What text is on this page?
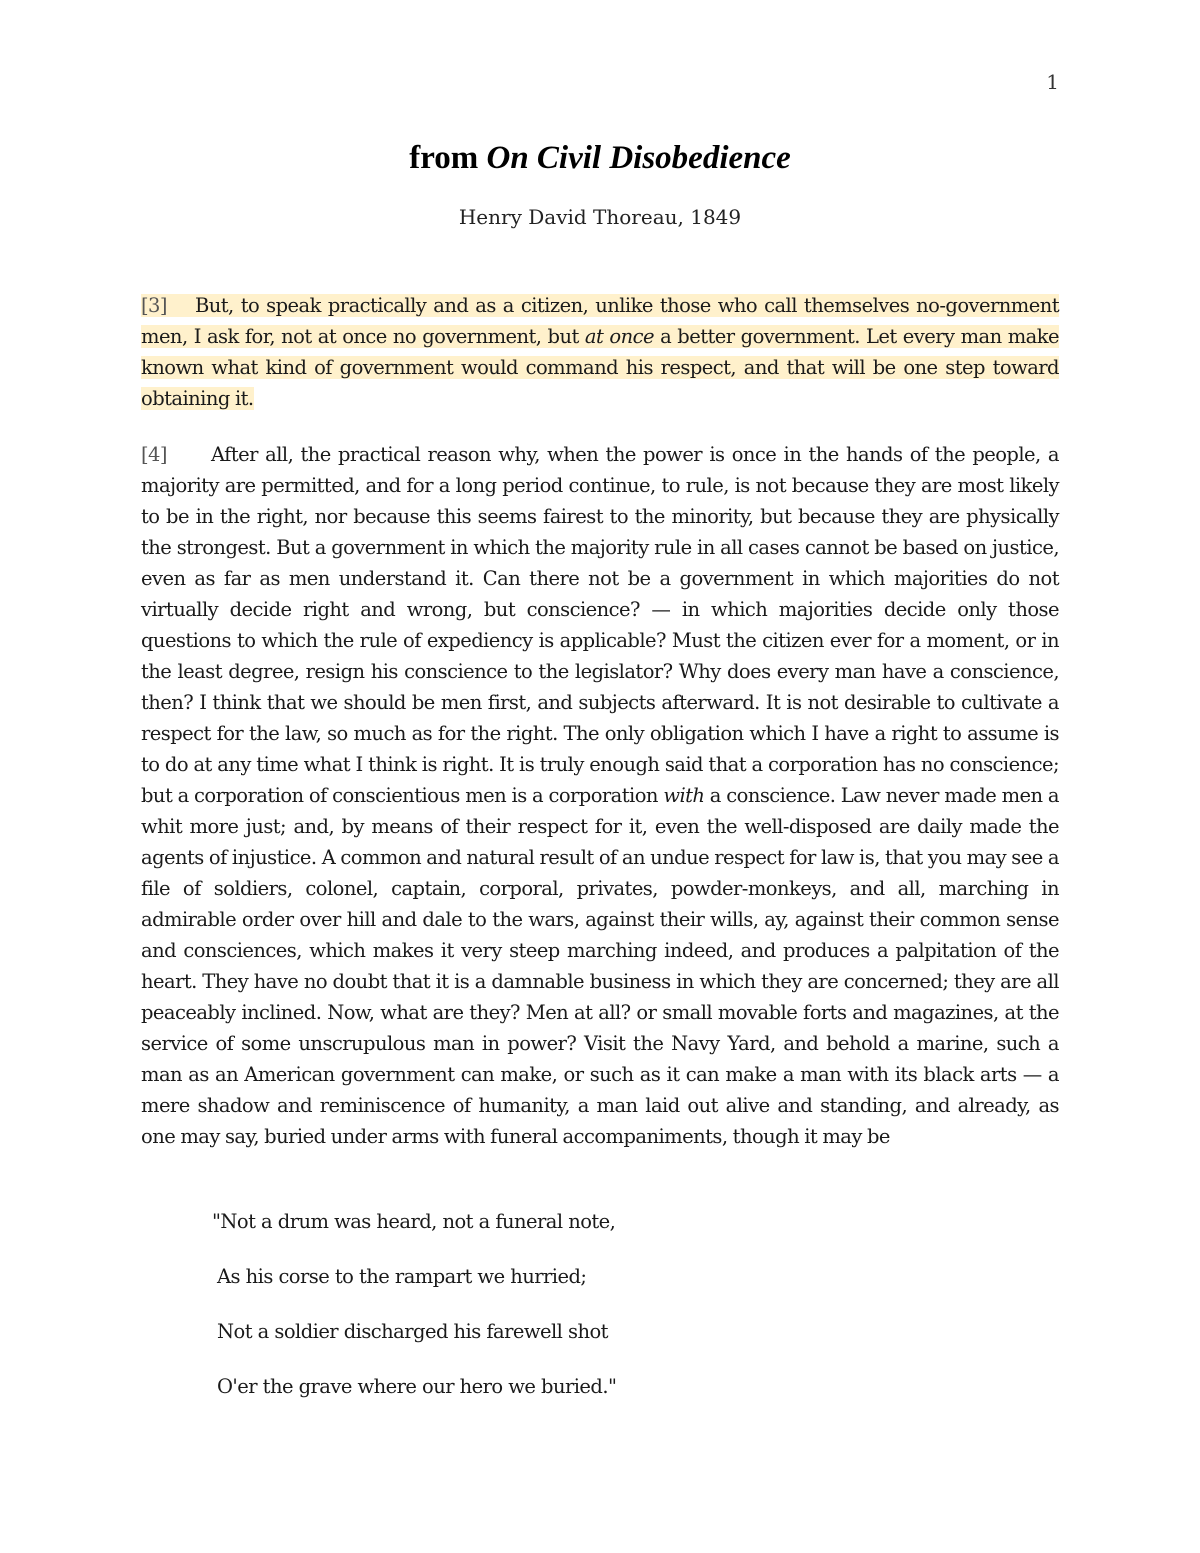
1
from On Civil Disobedience
Henry David Thoreau, 1849

[3] But, to speak practically and as a citizen, unlike those who call themselves no-government men, I ask for, not at once no government, but at once a better government. Let every man make known what kind of government would command his respect, and that will be one step toward obtaining it.

[4] After all, the practical reason why, when the power is once in the hands of the people, a majority are permitted, and for a long period continue, to rule, is not because they are most likely to be in the right, nor because this seems fairest to the minority, but because they are physically the strongest. But a government in which the majority rule in all cases cannot be based on justice, even as far as men understand it. Can there not be a government in which majorities do not virtually decide right and wrong, but conscience? — in which majorities decide only those questions to which the rule of expediency is applicable? Must the citizen ever for a moment, or in the least degree, resign his conscience to the legislator? Why does every man have a conscience, then? I think that we should be men first, and subjects afterward. It is not desirable to cultivate a respect for the law, so much as for the right. The only obligation which I have a right to assume is to do at any time what I think is right. It is truly enough said that a corporation has no conscience; but a corporation of conscientious men is a corporation with a conscience. Law never made men a whit more just; and, by means of their respect for it, even the well-disposed are daily made the agents of injustice. A common and natural result of an undue respect for law is, that you may see a file of soldiers, colonel, captain, corporal, privates, powder-monkeys, and all, marching in admirable order over hill and dale to the wars, against their wills, ay, against their common sense and consciences, which makes it very steep marching indeed, and produces a palpitation of the heart. They have no doubt that it is a damnable business in which they are concerned; they are all peaceably inclined. Now, what are they? Men at all? or small movable forts and magazines, at the service of some unscrupulous man in power? Visit the Navy Yard, and behold a marine, such a man as an American government can make, or such as it can make a man with its black arts — a mere shadow and reminiscence of humanity, a man laid out alive and standing, and already, as one may say, buried under arms with funeral accompaniments, though it may be

"Not a drum was heard, not a funeral note,
As his corse to the rampart we hurried;
Not a soldier discharged his farewell shot
O'er the grave where our hero we buried."
